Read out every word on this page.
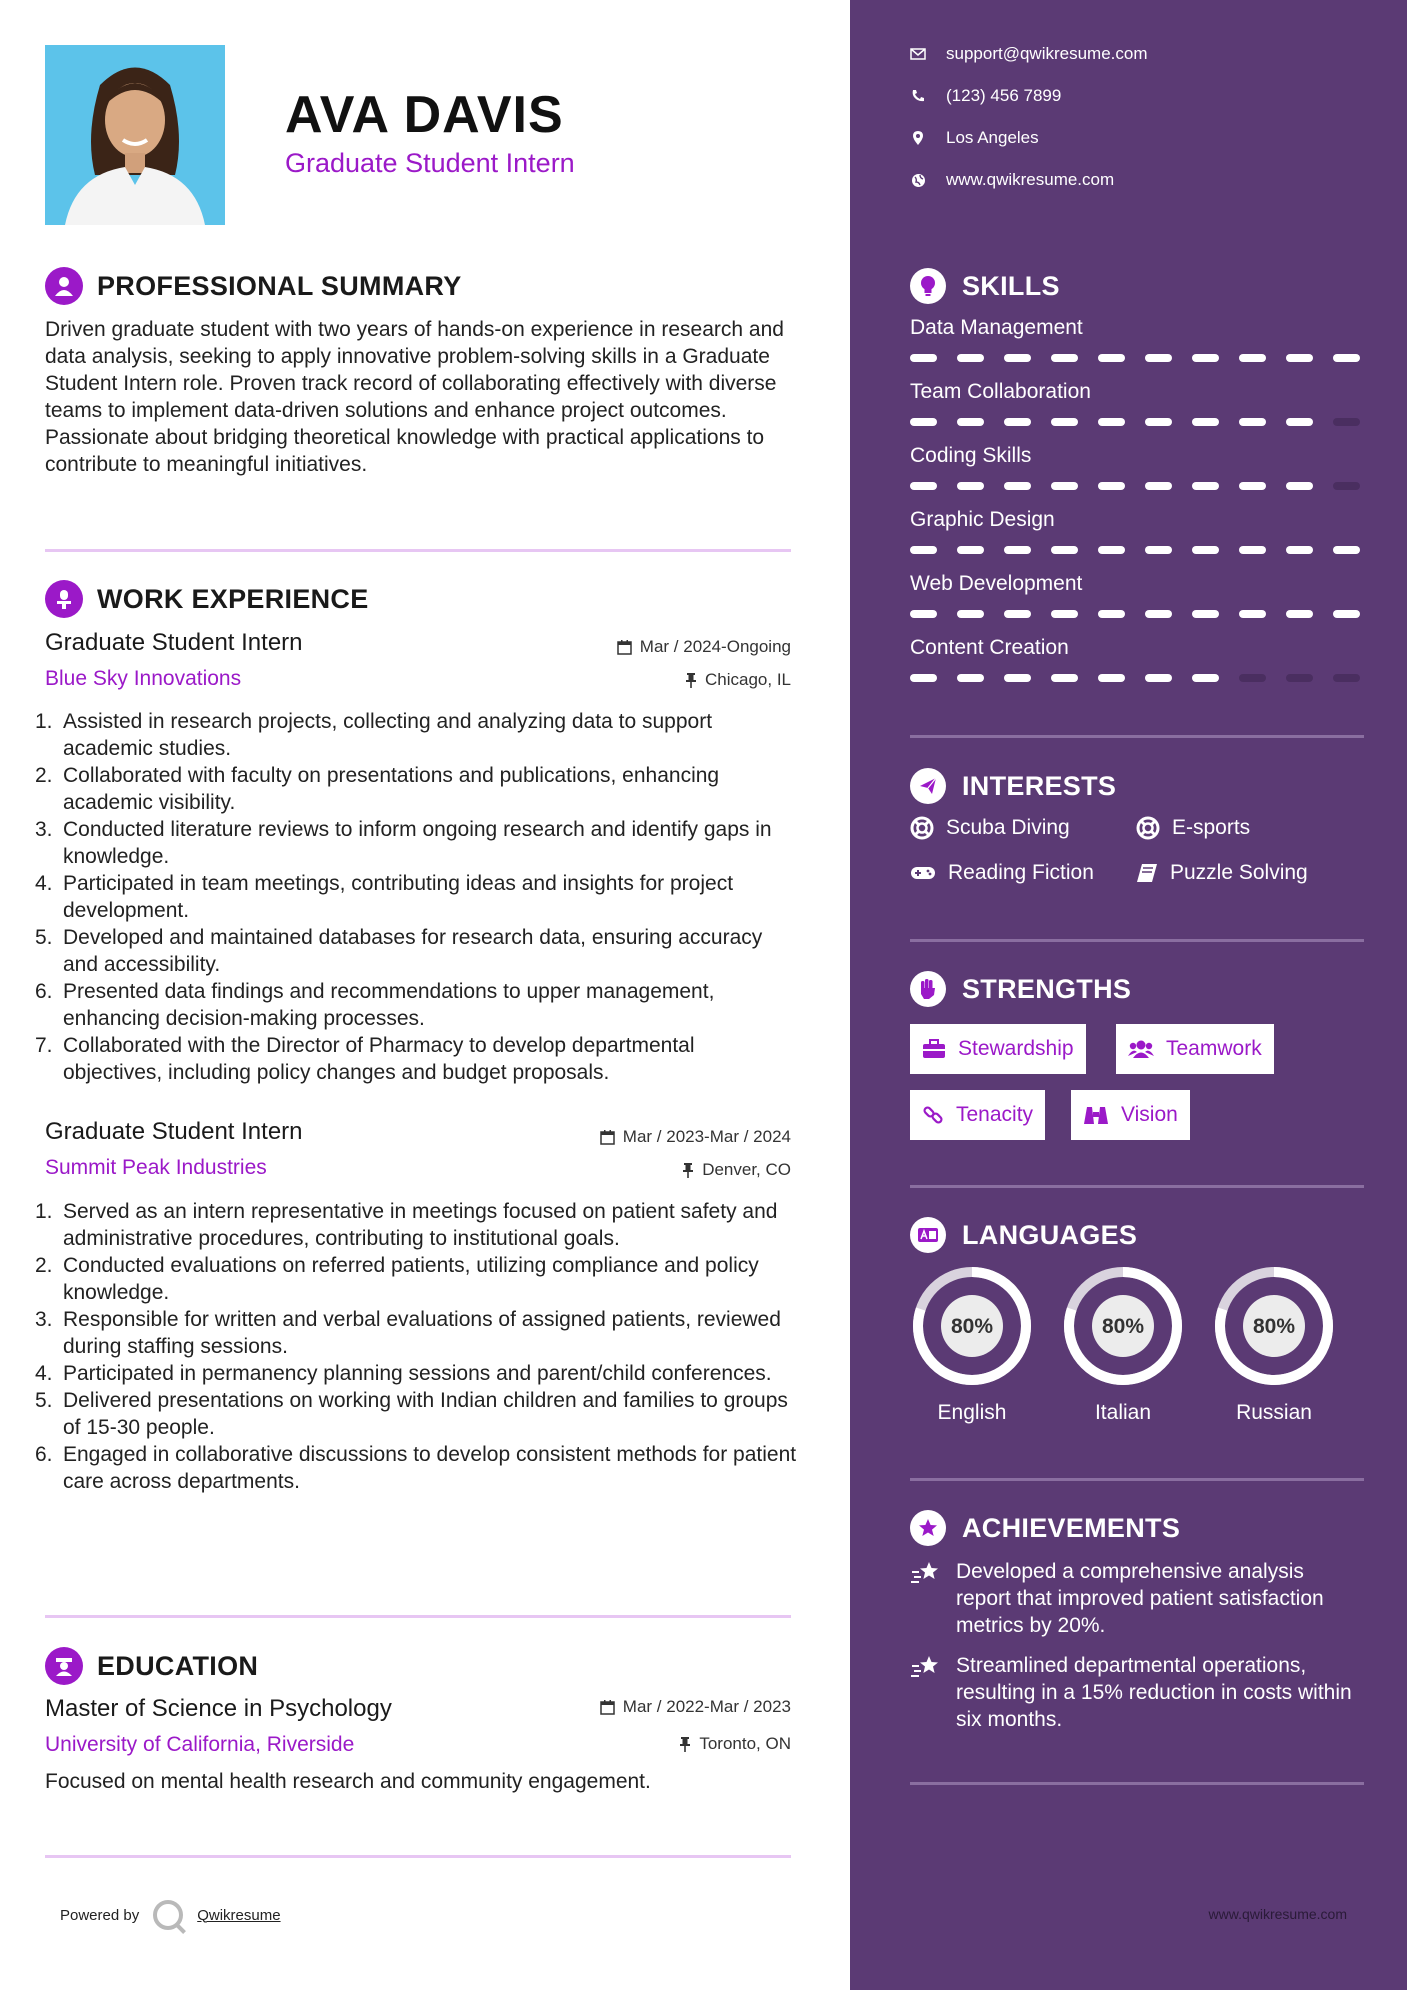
AVA DAVIS
Graduate Student Intern
PROFESSIONAL SUMMARY
Driven graduate student with two years of hands-on experience in research and data analysis, seeking to apply innovative problem-solving skills in a Graduate Student Intern role. Proven track record of collaborating effectively with diverse teams to implement data-driven solutions and enhance project outcomes. Passionate about bridging theoretical knowledge with practical applications to contribute to meaningful initiatives.
WORK EXPERIENCE
Graduate Student Intern	Mar / 2024-Ongoing
Blue Sky Innovations	Chicago, IL
1. Assisted in research projects, collecting and analyzing data to support academic studies.
2. Collaborated with faculty on presentations and publications, enhancing academic visibility.
3. Conducted literature reviews to inform ongoing research and identify gaps in knowledge.
4. Participated in team meetings, contributing ideas and insights for project development.
5. Developed and maintained databases for research data, ensuring accuracy and accessibility.
6. Presented data findings and recommendations to upper management, enhancing decision-making processes.
7. Collaborated with the Director of Pharmacy to develop departmental objectives, including policy changes and budget proposals.
Graduate Student Intern	Mar / 2023-Mar / 2024
Summit Peak Industries	Denver, CO
1. Served as an intern representative in meetings focused on patient safety and administrative procedures, contributing to institutional goals.
2. Conducted evaluations on referred patients, utilizing compliance and policy knowledge.
3. Responsible for written and verbal evaluations of assigned patients, reviewed during staffing sessions.
4. Participated in permanency planning sessions and parent/child conferences.
5. Delivered presentations on working with Indian children and families to groups of 15-30 people.
6. Engaged in collaborative discussions to develop consistent methods for patient care across departments.
EDUCATION
Master of Science in Psychology	Mar / 2022-Mar / 2023
University of California, Riverside	Toronto, ON
Focused on mental health research and community engagement.
Powered by	Qwikresume
support@qwikresume.com
(123) 456 7899
Los Angeles
www.qwikresume.com
SKILLS
Data Management
Team Collaboration
Coding Skills
Graphic Design
Web Development
Content Creation
INTERESTS
Scuba Diving	E-sports
Reading Fiction	Puzzle Solving
STRENGTHS
Stewardship	Teamwork
Tenacity	Vision
LANGUAGES
80%
English
80%
Italian
80%
Russian
ACHIEVEMENTS
Developed a comprehensive analysis report that improved patient satisfaction metrics by 20%.
Streamlined departmental operations, resulting in a 15% reduction in costs within six months.
www.qwikresume.com
